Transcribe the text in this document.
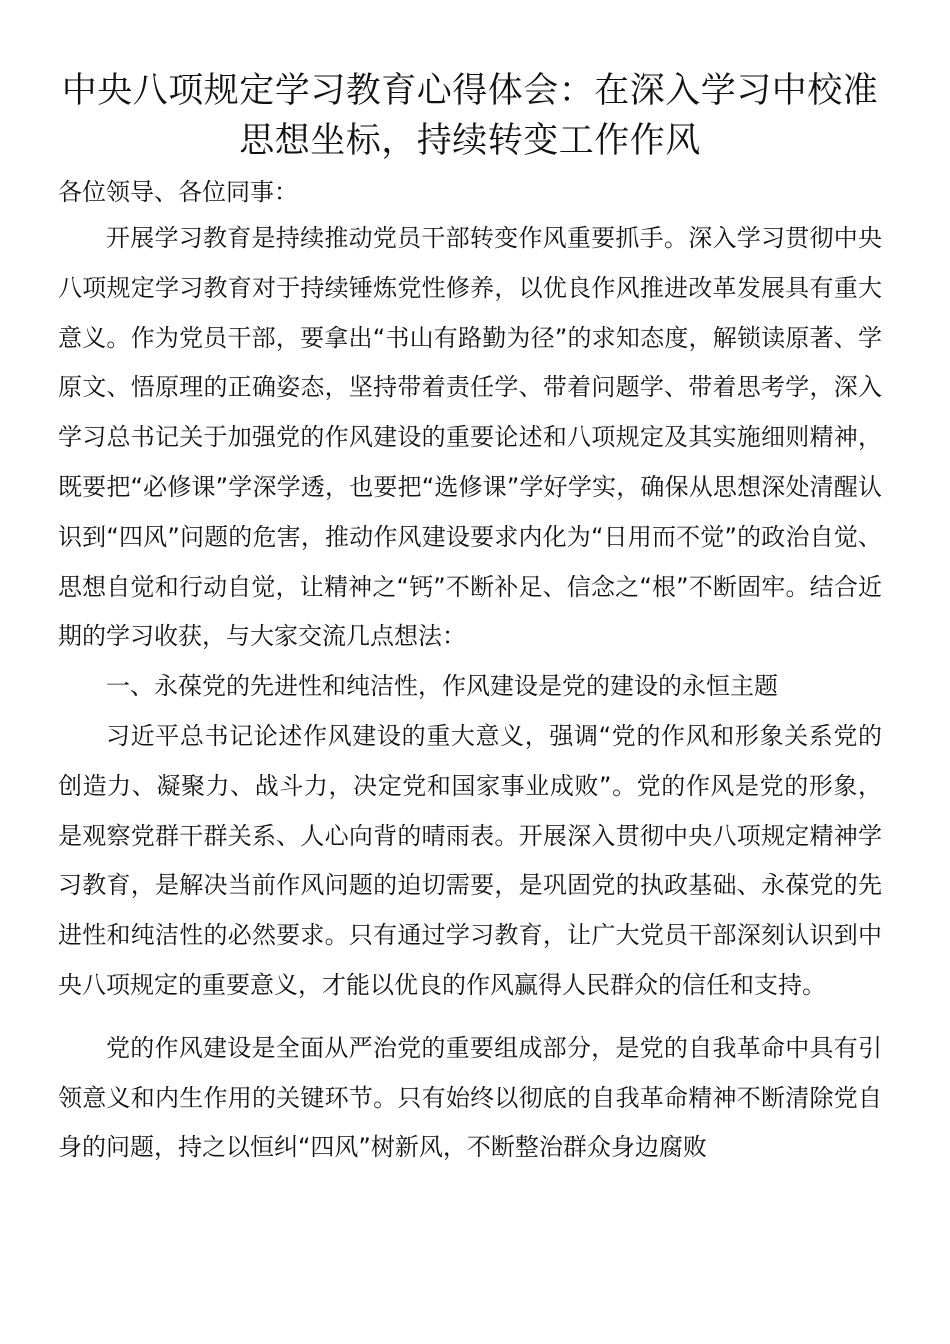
中央八项规定学习教育心得体会：在深入学习中校准思想坐标，持续转变工作作风

各位领导、各位同事：

开展学习教育是持续推动党员干部转变作风重要抓手。深入学习贯彻中央八项规定学习教育对于持续锤炼党性修养，以优良作风推进改革发展具有重大意义。作为党员干部，要拿出“书山有路勤为径”的求知态度，解锁读原著、学原文、悟原理的正确姿态，坚持带着责任学、带着问题学、带着思考学，深入学习总书记关于加强党的作风建设的重要论述和八项规定及其实施细则精神，既要把“必修课”学深学透，也要把“选修课”学好学实，确保从思想深处清醒认识到“四风”问题的危害，推动作风建设要求内化为“日用而不觉”的政治自觉、思想自觉和行动自觉，让精神之“钙”不断补足、信念之“根”不断固牢。结合近期的学习收获，与大家交流几点想法：

一、永葆党的先进性和纯洁性，作风建设是党的建设的永恒主题

习近平总书记论述作风建设的重大意义，强调“党的作风和形象关系党的创造力、凝聚力、战斗力，决定党和国家事业成败”。党的作风是党的形象，是观察党群干群关系、人心向背的晴雨表。开展深入贯彻中央八项规定精神学习教育，是解决当前作风问题的迫切需要，是巩固党的执政基础、永葆党的先进性和纯洁性的必然要求。只有通过学习教育，让广大党员干部深刻认识到中央八项规定的重要意义，才能以优良的作风赢得人民群众的信任和支持。

党的作风建设是全面从严治党的重要组成部分，是党的自我革命中具有引领意义和内生作用的关键环节。只有始终以彻底的自我革命精神不断清除党自身的问题，持之以恒纠“四风”树新风，不断整治群众身边腐败
